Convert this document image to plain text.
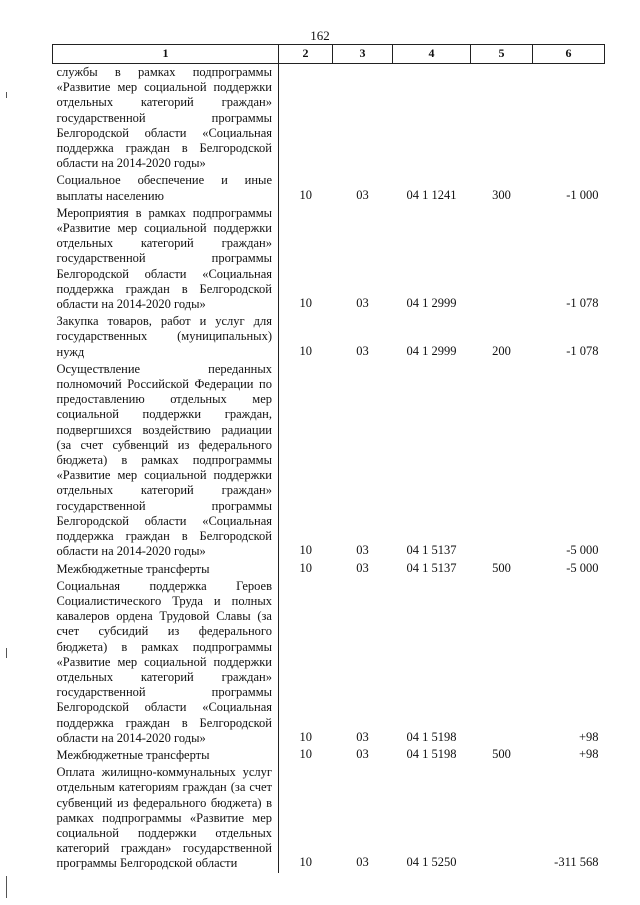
162
1	2	3	4	5	6
службы в рамках подпрограммы «Развитие мер социальной поддержки отдельных категорий граждан» государственной программы Белгородской области «Социальная поддержка граждан в Белгородской области на 2014-2020 годы»					
Социальное обеспечение и иные выплаты населению	10	03	04 1 1241	300	-1 000
Мероприятия в рамках подпрограммы «Развитие мер социальной поддержки отдельных категорий граждан» государственной программы Белгородской области «Социальная поддержка граждан в Белгородской области на 2014-2020 годы»	10	03	04 1 2999		-1 078
Закупка товаров, работ и услуг для государственных (муниципальных) нужд	10	03	04 1 2999	200	-1 078
Осуществление переданных полномочий Российской Федерации по предоставлению отдельных мер социальной поддержки граждан, подвергшихся воздействию радиации (за счет субвенций из федерального бюджета) в рамках подпрограммы «Развитие мер социальной поддержки отдельных категорий граждан» государственной программы Белгородской области «Социальная поддержка граждан в Белгородской области на 2014-2020 годы»	10	03	04 1 5137		-5 000
Межбюджетные трансферты	10	03	04 1 5137	500	-5 000
Социальная поддержка Героев Социалистического Труда и полных кавалеров ордена Трудовой Славы (за счет субсидий из федерального бюджета) в рамках подпрограммы «Развитие мер социальной поддержки отдельных категорий граждан» государственной программы Белгородской области «Социальная поддержка граждан в Белгородской области на 2014-2020 годы»	10	03	04 1 5198		+98
Межбюджетные трансферты	10	03	04 1 5198	500	+98
Оплата жилищно-коммунальных услуг отдельным категориям граждан (за счет субвенций из федерального бюджета) в рамках подпрограммы «Развитие мер социальной поддержки отдельных категорий граждан» государственной программы Белгородской области	10	03	04 1 5250		-311 568
